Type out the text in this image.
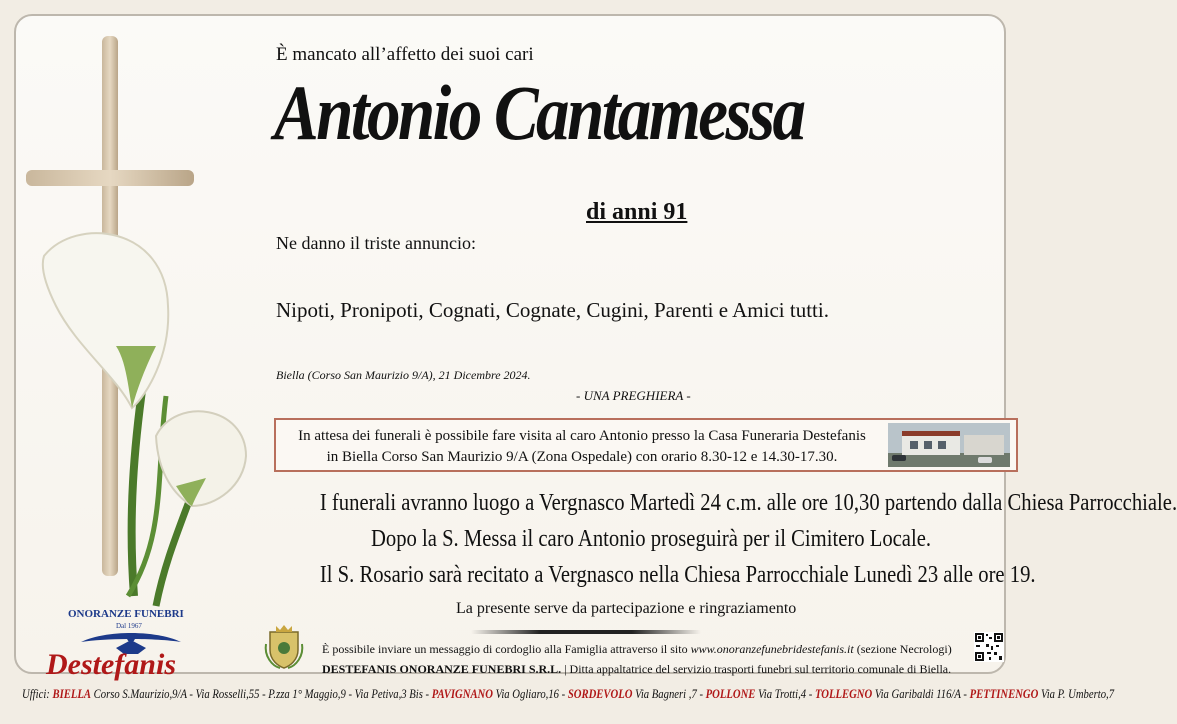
È mancato all’affetto dei suoi cari
Antonio Cantamessa
di anni 91
Ne danno il triste annuncio:
Nipoti, Pronipoti, Cognati, Cognate, Cugini, Parenti e Amici tutti.
Biella (Corso San Maurizio 9/A), 21 Dicembre 2024.
- UNA PREGHIERA -
In attesa dei funerali è possibile fare visita al caro Antonio presso la Casa Funeraria Destefanis
in Biella Corso San Maurizio 9/A (Zona Ospedale) con orario 8.30-12 e 14.30-17.30.
I funerali avranno luogo a Vergnasco Martedì 24 c.m. alle ore 10,30 partendo dalla Chiesa Parrocchiale.
Dopo la S. Messa il caro Antonio proseguirà per il Cimitero Locale.
Il S. Rosario sarà recitato a Vergnasco nella Chiesa Parrocchiale Lunedì 23 alle ore 19.
La presente serve da partecipazione e ringraziamento
ONORANZE FUNEBRI
Dal 1967
Destefanis	È possibile inviare un messaggio di cordoglio alla Famiglia attraverso il sito www.onoranzefunebridestefanis.it (sezione Necrologi)
DESTEFANIS ONORANZE FUNEBRI S.R.L. | Ditta appaltatrice del servizio trasporti funebri sul territorio comunale di Biella.
Uffici: BIELLA Corso S.Maurizio,9/A - Via Rosselli,55 - P.zza 1° Maggio,9 - Via Petiva,3 Bis - PAVIGNANO Via Ogliaro,16 - SORDEVOLO Via Bagneri ,7 - POLLONE Via Trotti,4 - TOLLEGNO Via Garibaldi 116/A - PETTINENGO Via P. Umberto,7
